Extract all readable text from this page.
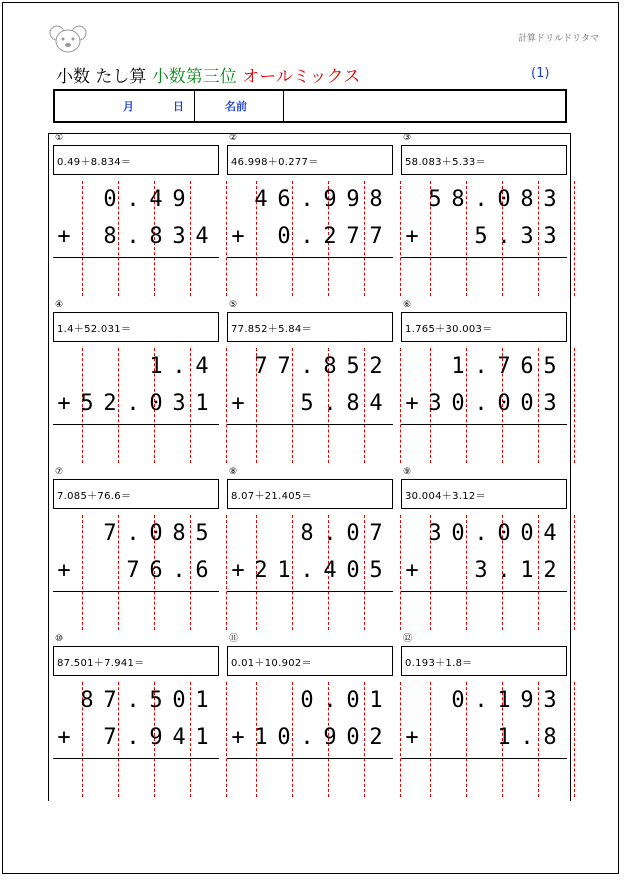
計算ドリルドリタマ
小数 たし算 小数第三位 オールミックス	(1)
月	日	名前
①
0.49＋8.834＝
0 . 4 9
+ 8 . 8 3 4
②
46.998＋0.277＝
4 6 . 9 9 8
+ 0 . 2 7 7
③
58.083＋5.33＝
5 8 . 0 8 3
+	5 . 3 3
④
1.4＋52.031＝
1 . 4
+ 5 2 . 0 3 1
⑤
77.852＋5.84＝
7 7 . 8 5 2
+	5 . 8 4
⑥
1.765＋30.003＝
1 . 7 6 5
+ 3 0 . 0 0 3
⑦
7.085＋76.6＝
7 . 0 8 5
+	7 6 . 6
⑧
8.07＋21.405＝
8 . 0 7
+ 2 1 . 4 0 5
⑨
30.004＋3.12＝
3 0 . 0 0 4
+	3 . 1 2
⑩
87.501＋7.941＝
8 7 . 5 0 1
+ 7 . 9 4 1
⑪
0.01＋10.902＝
0 . 0 1
+ 1 0 . 9 0 2
⑫
0.193＋1.8＝
0 . 1 9 3
+	1 . 8
